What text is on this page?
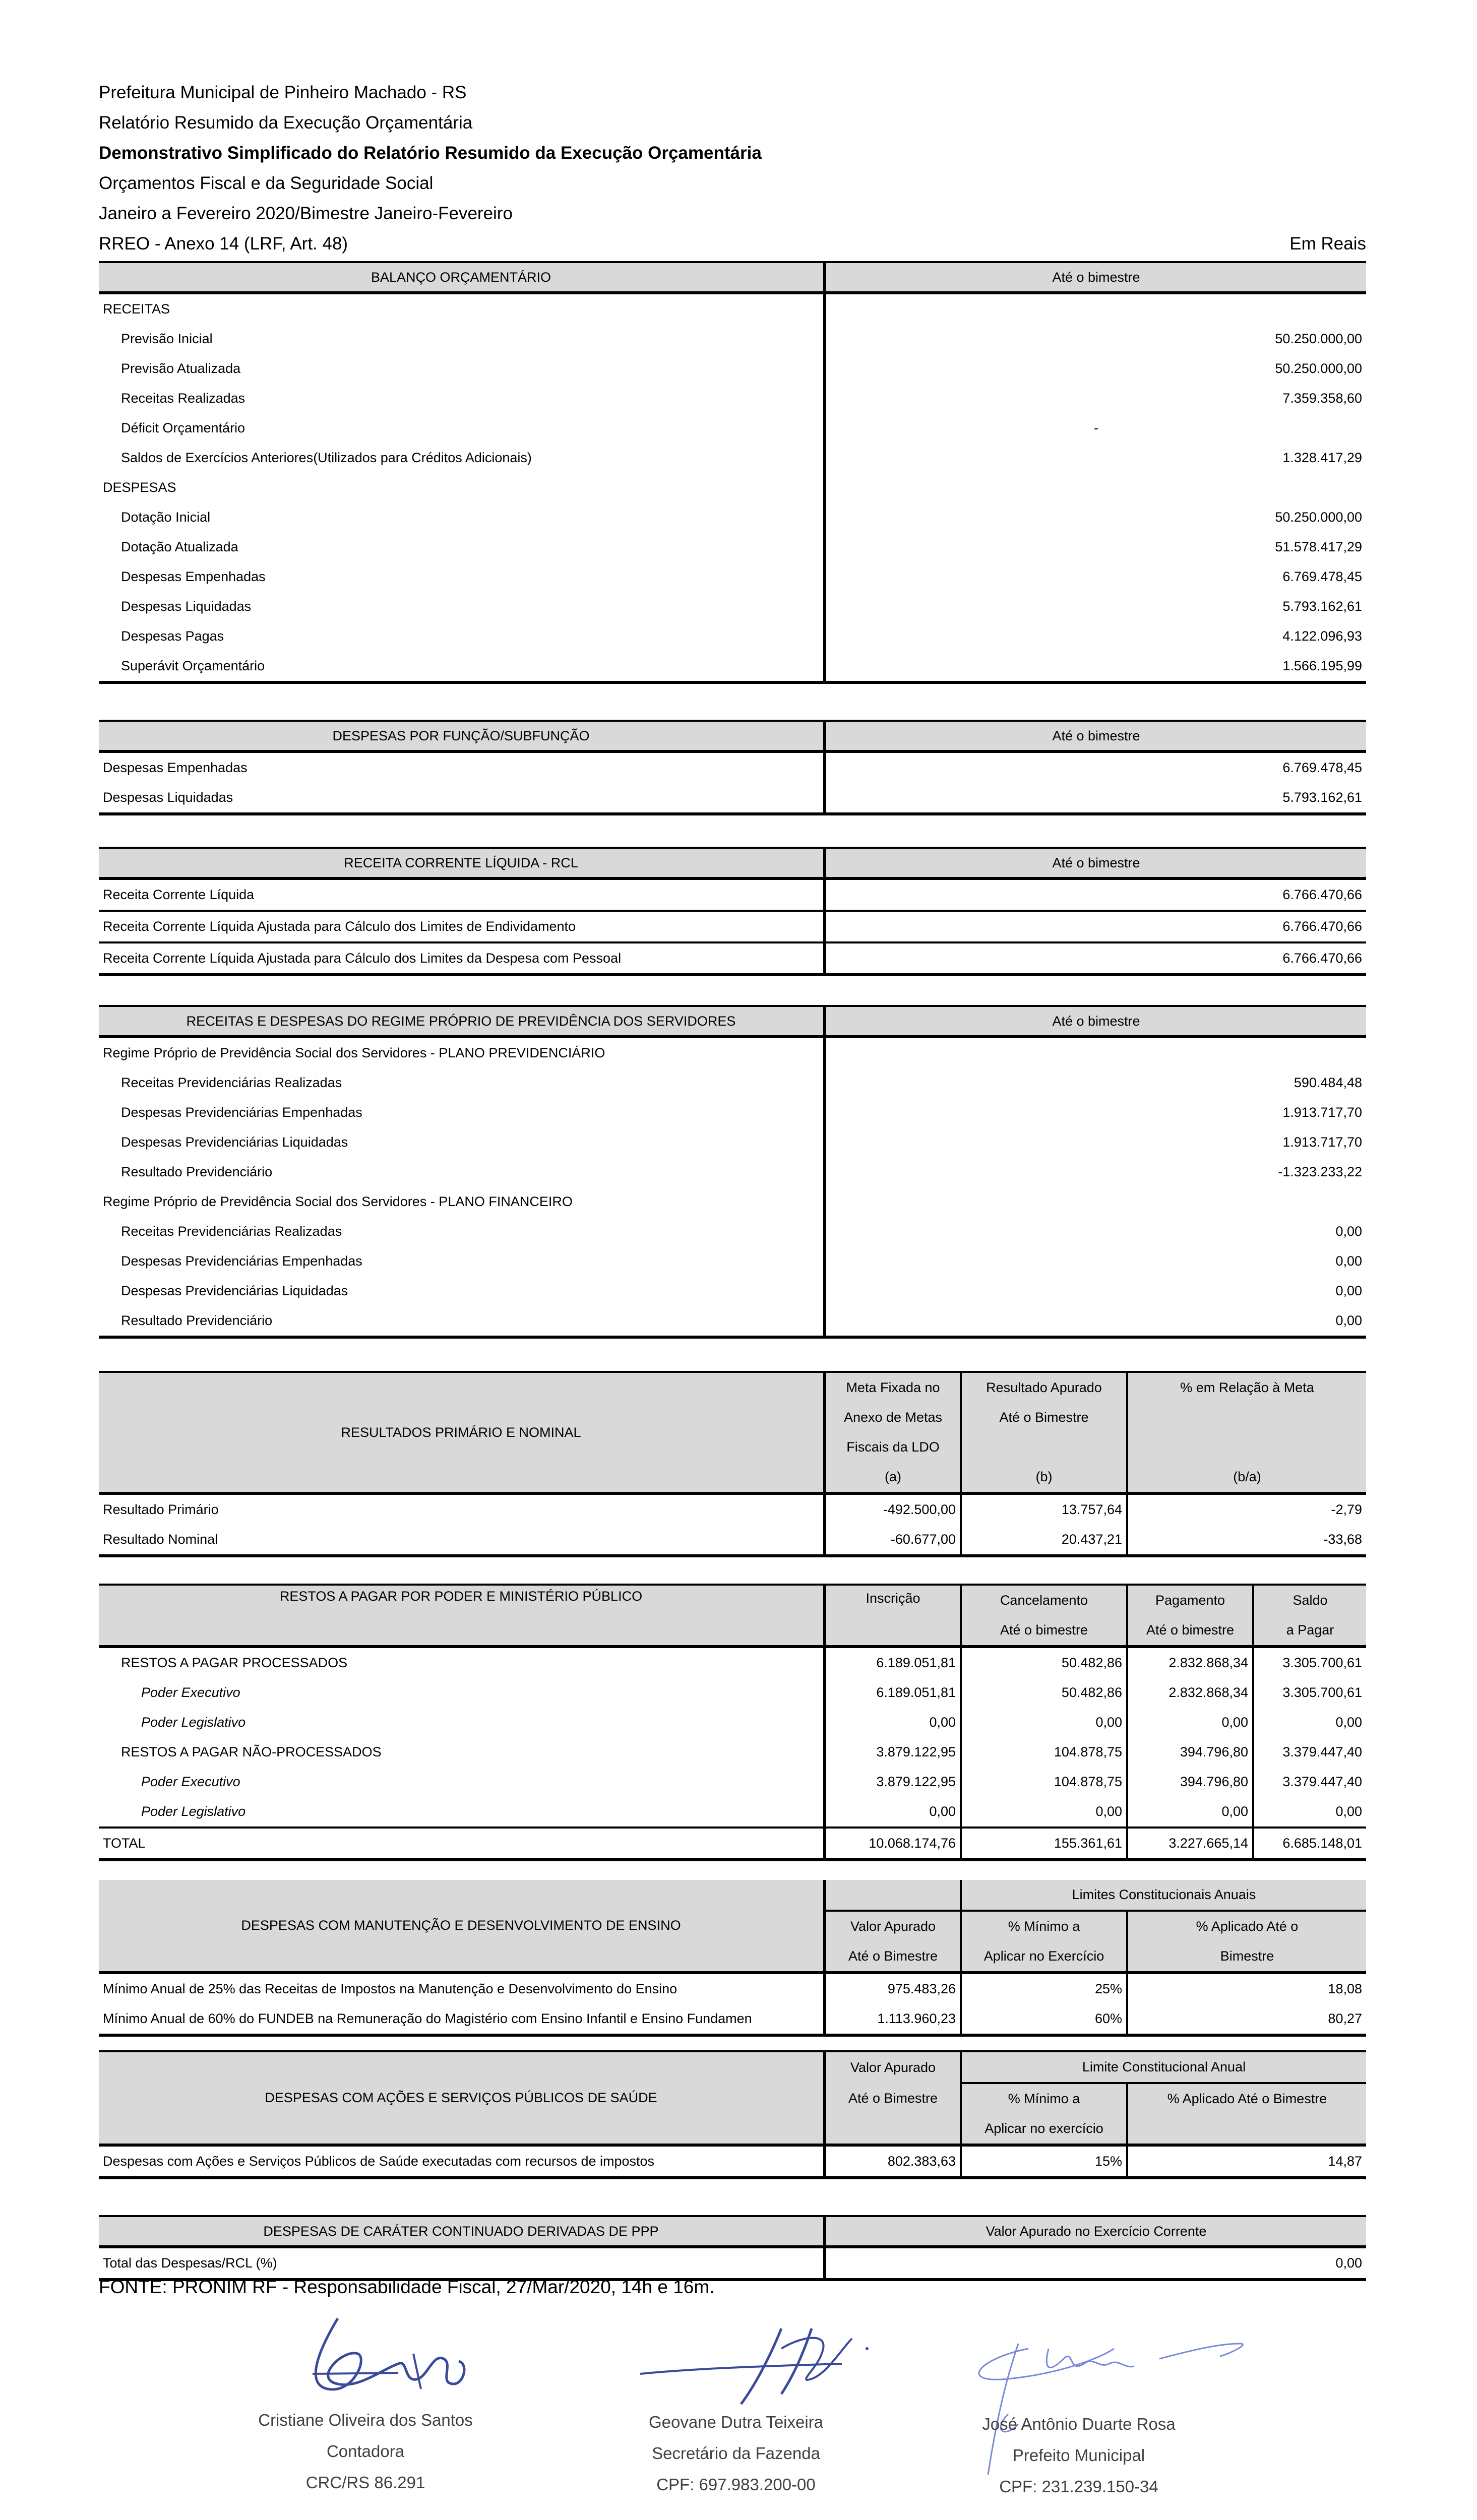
Prefeitura Municipal de Pinheiro Machado - RS
Relatório Resumido da Execução Orçamentária
Demonstrativo Simplificado do Relatório Resumido da Execução Orçamentária
Orçamentos Fiscal e da Seguridade Social
Janeiro a Fevereiro 2020/Bimestre Janeiro-Fevereiro
RREO - Anexo 14 (LRF, Art. 48)	Em Reais
BALANÇO ORÇAMENTÁRIO	Até o bimestre
RECEITAS	
Previsão Inicial	50.250.000,00
Previsão Atualizada	50.250.000,00
Receitas Realizadas	7.359.358,60
Déficit Orçamentário	-
Saldos de Exercícios Anteriores(Utilizados para Créditos Adicionais)	1.328.417,29
DESPESAS	
Dotação Inicial	50.250.000,00
Dotação Atualizada	51.578.417,29
Despesas Empenhadas	6.769.478,45
Despesas Liquidadas	5.793.162,61
Despesas Pagas	4.122.096,93
Superávit Orçamentário	1.566.195,99
DESPESAS POR FUNÇÃO/SUBFUNÇÃO	Até o bimestre
Despesas Empenhadas	6.769.478,45
Despesas Liquidadas	5.793.162,61
RECEITA CORRENTE LÍQUIDA - RCL	Até o bimestre
Receita Corrente Líquida	6.766.470,66
Receita Corrente Líquida Ajustada para Cálculo dos Limites de Endividamento	6.766.470,66
Receita Corrente Líquida Ajustada para Cálculo dos Limites da Despesa com Pessoal	6.766.470,66
RECEITAS E DESPESAS DO REGIME PRÓPRIO DE PREVIDÊNCIA DOS SERVIDORES	Até o bimestre
Regime Próprio de Previdência Social dos Servidores - PLANO PREVIDENCIÁRIO	
Receitas Previdenciárias Realizadas	590.484,48
Despesas Previdenciárias Empenhadas	1.913.717,70
Despesas Previdenciárias Liquidadas	1.913.717,70
Resultado Previdenciário	-1.323.233,22
Regime Próprio de Previdência Social dos Servidores - PLANO FINANCEIRO	
Receitas Previdenciárias Realizadas	0,00
Despesas Previdenciárias Empenhadas	0,00
Despesas Previdenciárias Liquidadas	0,00
Resultado Previdenciário	0,00
RESULTADOS PRIMÁRIO E NOMINAL	Meta Fixada no	Resultado Apurado	% em Relação à Meta
	Anexo de Metas	Até o Bimestre	
	Fiscais da LDO		
	(a)	(b)	(b/a)
Resultado Primário	-492.500,00	13.757,64	-2,79
Resultado Nominal	-60.677,00	20.437,21	-33,68
RESTOS A PAGAR POR PODER E MINISTÉRIO PÚBLICO	Inscrição	Cancelamento	Pagamento	Saldo
		Até o bimestre	Até o bimestre	a Pagar
RESTOS A PAGAR PROCESSADOS	6.189.051,81	50.482,86	2.832.868,34	3.305.700,61
Poder Executivo	6.189.051,81	50.482,86	2.832.868,34	3.305.700,61
Poder Legislativo	0,00	0,00	0,00	0,00
RESTOS A PAGAR NÃO-PROCESSADOS	3.879.122,95	104.878,75	394.796,80	3.379.447,40
Poder Executivo	3.879.122,95	104.878,75	394.796,80	3.379.447,40
Poder Legislativo	0,00	0,00	0,00	0,00
TOTAL	10.068.174,76	155.361,61	3.227.665,14	6.685.148,01
DESPESAS COM MANUTENÇÃO E DESENVOLVIMENTO DE ENSINO		Limites Constitucionais Anuais	
	Valor Apurado	% Mínimo a	% Aplicado Até o
	Até o Bimestre	Aplicar no Exercício	Bimestre
Mínimo Anual de 25% das Receitas de Impostos na Manutenção e Desenvolvimento do Ensino	975.483,26	25%	18,08
Mínimo Anual de 60% do FUNDEB na Remuneração do Magistério com Ensino Infantil e Ensino Fundamen	1.113.960,23	60%	80,27
DESPESAS COM AÇÕES E SERVIÇOS PÚBLICOS DE SAÚDE	Valor Apurado	Limite Constitucional Anual	
	Até o Bimestre	% Mínimo a	% Aplicado Até o Bimestre
		Aplicar no exercício	
Despesas com Ações e Serviços Públicos de Saúde executadas com recursos de impostos	802.383,63	15%	14,87
DESPESAS DE CARÁTER CONTINUADO DERIVADAS DE PPP	Valor Apurado no Exercício Corrente
Total das Despesas/RCL (%)	0,00
FONTE: PRONIM RF - Responsabilidade Fiscal, 27/Mar/2020, 14h e 16m.
Cristiane Oliveira dos Santos
Contadora
CRC/RS 86.291
Geovane Dutra Teixeira
Secretário da Fazenda
CPF: 697.983.200-00
José Antônio Duarte Rosa
Prefeito Municipal
CPF: 231.239.150-34
